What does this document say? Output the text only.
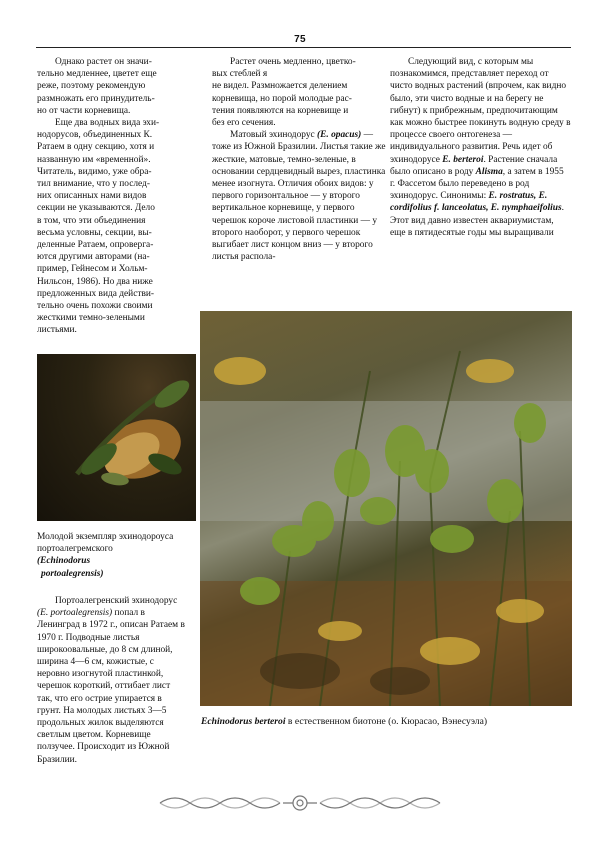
75

Однако растет он значи-

тельно медленнее, цветет еще

реже, поэтому рекомендую

размножать его принудитель-

но от части корневища.

Еще два водных вида эхи-

нодорусов, объединенных К.

Ратаем в одну секцию, хотя и

названную им «временной».

Читатель, видимо, уже обра-

тил внимание, что у послед-

них описанных нами видов

секции не указываются. Дело

в том, что эти объединения

весьма условны, секции, вы-

деленные Ратаем, опроверга-

ются другими авторами (на-

пример, Гейнесом и Хольм-

Нильсон, 1986). Но два ниже

предложенных вида действи-

тельно очень похожи своими

жесткими темно-зелеными

листьями.

Растет очень медленно, цветко-

вых стеблей я

не видел. Размножается делением

корневища, но порой молодые рас-

тения появляются на корневище и

без его сечения.

Матовый эхинодорус (E. opacus) — тоже из Южной Бразилии. Листья такие же жесткие, матовые, темно-зеленые, в основании сердцевидный вырез, пластинка менее изогнута. Отличия обоих видов: у первого горизонтальное — у второго вертикальное корневище, у первого черешок короче листовой пластинки — у второго наоборот, у первого черешок выгибает лист концом вниз — у второго листья распола-

Следующий вид, с которым мы познакомимся, представляет переход от чисто водных растений (впрочем, как видно было, эти чисто водные и на берегу не гибнут) к прибрежным, предпочитающим как можно быстрее покинуть водную среду в процессе своего онтогенеза — индивидуального развития. Речь идет об эхинодорусе E. berteroi. Растение сначала было описано в роду Alisma, а затем в 1955 г. Фассетом было переведено в род эхинодорус. Синонимы: E. rostratus, E. cordifolius f. lanceolatus, E. nymphaeifolius. Этот вид давно известен аквариумистам, еще в пятидесятые годы мы выращивали

Молодой экземпляр эхинодороуса портоалегремского
(Echinodorus
portoalegrensis)

Портоалегренский эхинодорус (E. portoalegrensis) попал в Ленинград в 1972 г., описан Ратаем в 1970 г. Подводные листья широкоовальные, до 8 см длиной, ширина 4—6 см, кожистые, с неровно изогнутой пластинкой, черешок короткий, оттибает лист так, что его острие упирается в грунт. На молодых листьях 3—5 продольных жилок выделяются светлым цветом. Корневище ползучее. Происходит из Южной Бразилии.

Echinodorus berteroi в естественном биотоне (о. Кюрасао, Вэнесуэла)
